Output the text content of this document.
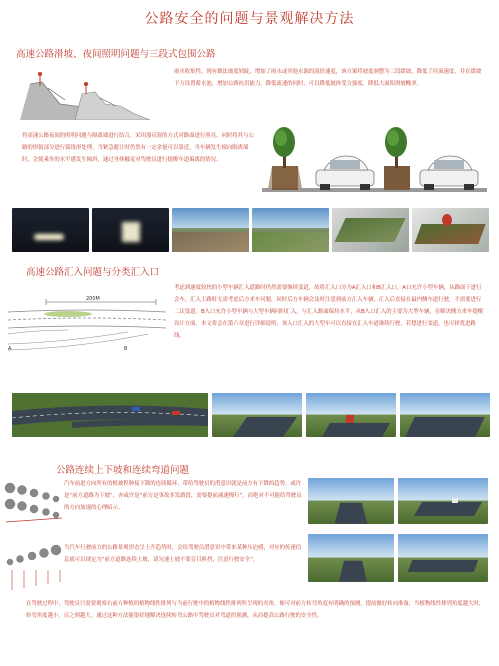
公路安全的问题与景观解决方法
高速公路滑坡、夜间照明问题与三段式包围公路
雨水收集性，现有做法坡度较陡，增加了雨水或其他水源的流经速度，该方案将坡度调整为三段缓坡，降低了径流速度，并在缓坡下方设置蓄水池，增加公路抗洪能力，降低流速的同时，可以降低坡体受力强度，降低大面积滑坡概率。
将高速公路夜间的照明问题与隔离墙进行结合，采用漫反射的方式对路面进行照亮，同时将其与公路的形貌部分进行弧线形处理，当紧急避让时仍然有一定余量可以靠近，当车辆发生撞向隔离墙时，会使乘坐的水平感发生倾斜，通过身体触觉对驾驶员进行提醒车道偏离的情况。
高速公路汇入问题与分类汇入口
200M
A	B
考虑到速度较快的小型车辆汇入道路时仍然需要继续变道，故将汇入口分为A汇入口和B汇入口，A口允许小型车辆，从路面下进行会车，汇入主路时无需考虑后方来车问题，同时后方车辆会及时注意到前方汇入车辆，汇入后直接在最内侧车道行驶，不需要进行二次变道。B入口允许小型车辆与大型车辆同时汇入，与汇入路面保持水平，从B入口汇入的主要为大型车辆，在解决侧方来车提醒设计方面，本文将会在第六章进行详细说明，该入口汇入的大型车可以直接在汇入车道继续行驶，若想进行变道，也可择优进路线。
公路连续上下坡和连续弯道问题
汽车前进方向所有的植被程种接下降的连续循环，带给驾驶员的潜意识就是前方有下降的趋势，或许是“前方道路为下坡”，亦或许是“前方是事故多发路段，需要提前减速慢行”，而绝对不可能给驾驶员的方向加速的心理暗示。
当汽车行驶前方的公路景观形态呈上升趋势时，会给驾驶员潜意识中带来某种压迫感，对应的传递信息就可以规定为“前方道路连续上坡，请匀速上坡不要盲目换挡，注意行驶安全”。
在驾驶过程中，驾驶员只需要观察右前方种植的植物线性排列与当前行驶中的植物线性排列所呈现的夹角，便可对前方转弯角度有明确的预测，提前做好转向准备，当植物线性排列角度越大时，转弯角度越小，反之则越大。通过这种方法能很好地解决连续转弯公路中驾驶员对弯道的预测，从而提高公路行驶的安全性。
